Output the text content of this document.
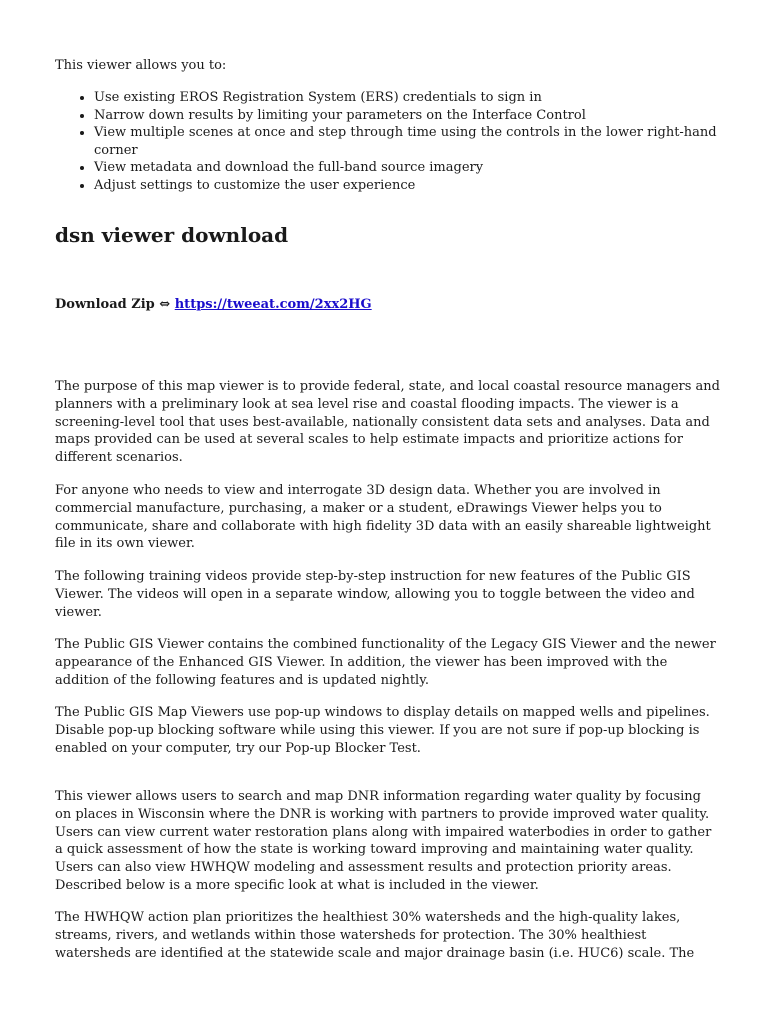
This viewer allows you to:

• Use existing EROS Registration System (ERS) credentials to sign in
• Narrow down results by limiting your parameters on the Interface Control
• View multiple scenes at once and step through time using the controls in the lower right-hand corner
• View metadata and download the full-band source imagery
• Adjust settings to customize the user experience
dsn viewer download

Download Zip ⇔ https://tweeat.com/2xx2HG

The purpose of this map viewer is to provide federal, state, and local coastal resource managers and planners with a preliminary look at sea level rise and coastal flooding impacts. The viewer is a screening-level tool that uses best-available, nationally consistent data sets and analyses. Data and maps provided can be used at several scales to help estimate impacts and prioritize actions for different scenarios.

For anyone who needs to view and interrogate 3D design data. Whether you are involved in commercial manufacture, purchasing, a maker or a student, eDrawings Viewer helps you to communicate, share and collaborate with high fidelity 3D data with an easily shareable lightweight file in its own viewer.

The following training videos provide step-by-step instruction for new features of the Public GIS Viewer. The videos will open in a separate window, allowing you to toggle between the video and viewer.

The Public GIS Viewer contains the combined functionality of the Legacy GIS Viewer and the newer appearance of the Enhanced GIS Viewer. In addition, the viewer has been improved with the addition of the following features and is updated nightly.

The Public GIS Map Viewers use pop-up windows to display details on mapped wells and pipelines. Disable pop-up blocking software while using this viewer. If you are not sure if pop-up blocking is enabled on your computer, try our Pop-up Blocker Test.

This viewer allows users to search and map DNR information regarding water quality by focusing on places in Wisconsin where the DNR is working with partners to provide improved water quality. Users can view current water restoration plans along with impaired waterbodies in order to gather a quick assessment of how the state is working toward improving and maintaining water quality. Users can also view HWHQW modeling and assessment results and protection priority areas. Described below is a more specific look at what is included in the viewer.

The HWHQW action plan prioritizes the healthiest 30% watersheds and the high-quality lakes, streams, rivers, and wetlands within those watersheds for protection. The 30% healthiest watersheds are identified at the statewide scale and major drainage basin (i.e. HUC6) scale. The
